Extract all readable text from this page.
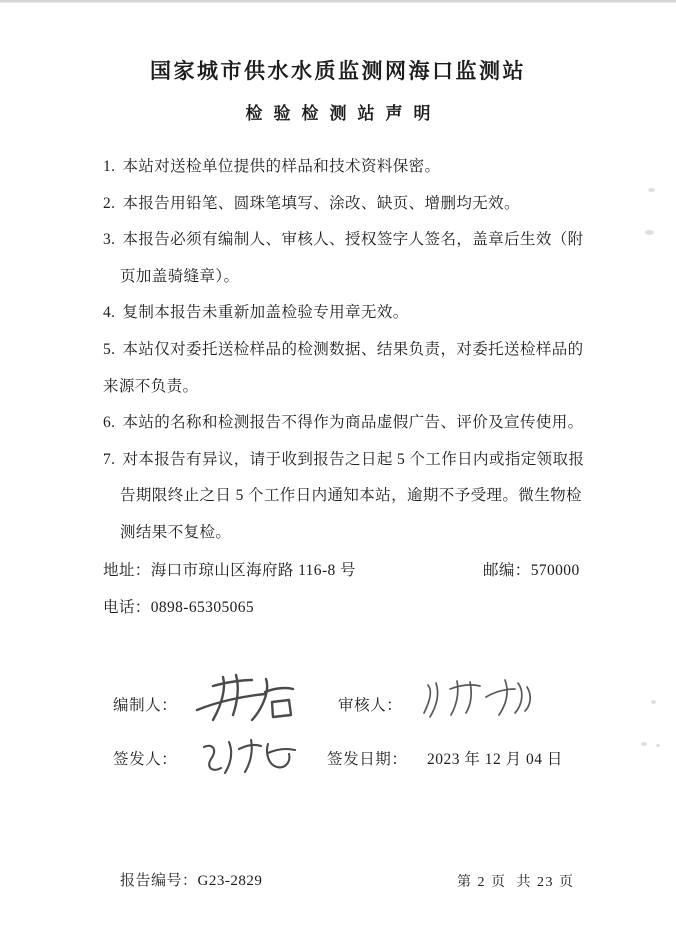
国家城市供水水质监测网海口监测站
检验检测站声明
1. 本站对送检单位提供的样品和技术资料保密。
2. 本报告用铅笔、圆珠笔填写、涂改、缺页、增删均无效。
3. 本报告必须有编制人、审核人、授权签字人签名，盖章后生效（附
页加盖骑缝章）。
4. 复制本报告未重新加盖检验专用章无效。
5. 本站仅对委托送检样品的检测数据、结果负责，对委托送检样品的
来源不负责。
6. 本站的名称和检测报告不得作为商品虚假广告、评价及宣传使用。
7. 对本报告有异议，请于收到报告之日起 5 个工作日内或指定领取报
告期限终止之日 5 个工作日内通知本站，逾期不予受理。微生物检
测结果不复检。
地址：海口市琼山区海府路 116-8 号	邮编：570000
电话：0898-65305065
编制人：	审核人：
签发人：	签发日期： 2023 年 12 月 04 日
报告编号：G23-2829	第 2 页 共 23 页
